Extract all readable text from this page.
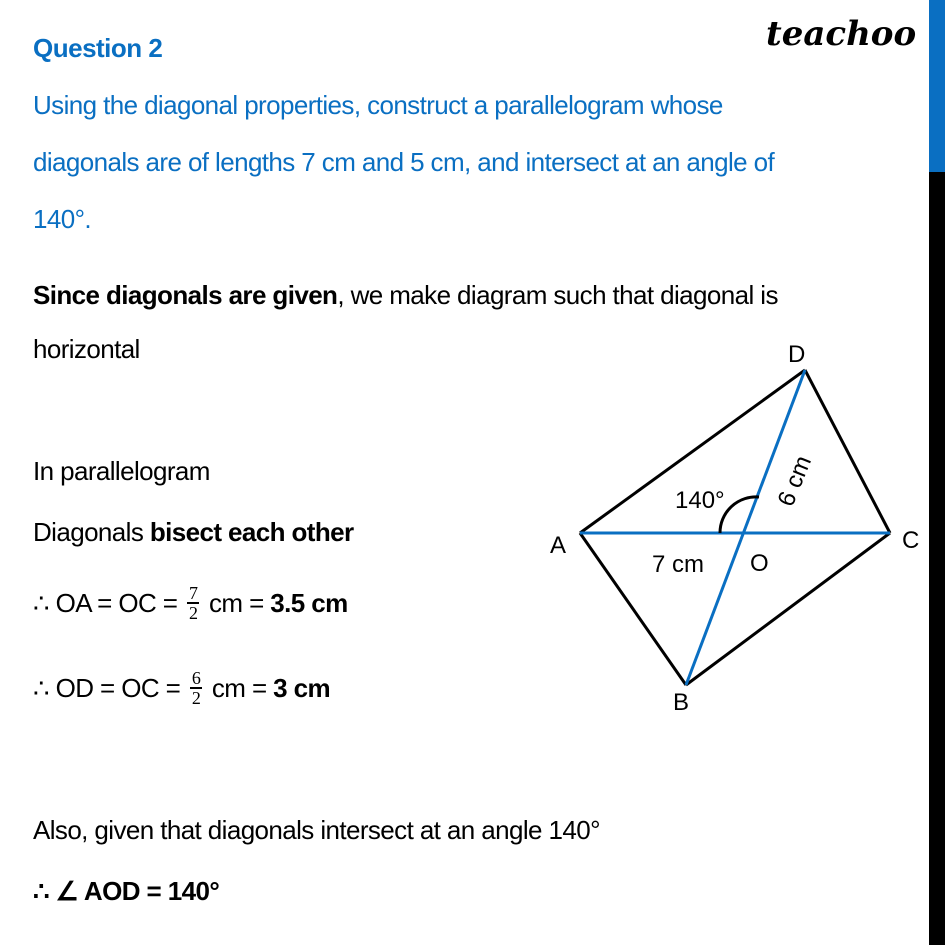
teachoo
Question 2
Using the diagonal properties, construct a parallelogram whose
diagonals are of lengths 7 cm and 5 cm, and intersect at an angle of
140°.
Since diagonals are given, we make diagram such that diagonal is
horizontal
In parallelogram
Diagonals bisect each other
∴ OA = OC = $\frac{7}{2}$ cm = 3.5 cm
∴ OD = OC = $\frac{6}{2}$ cm = 3 cm
Also, given that diagonals intersect at an angle 140°
∴ ∠ AOD = 140°
D
A	C
B
O
140°
7 cm
6 cm
